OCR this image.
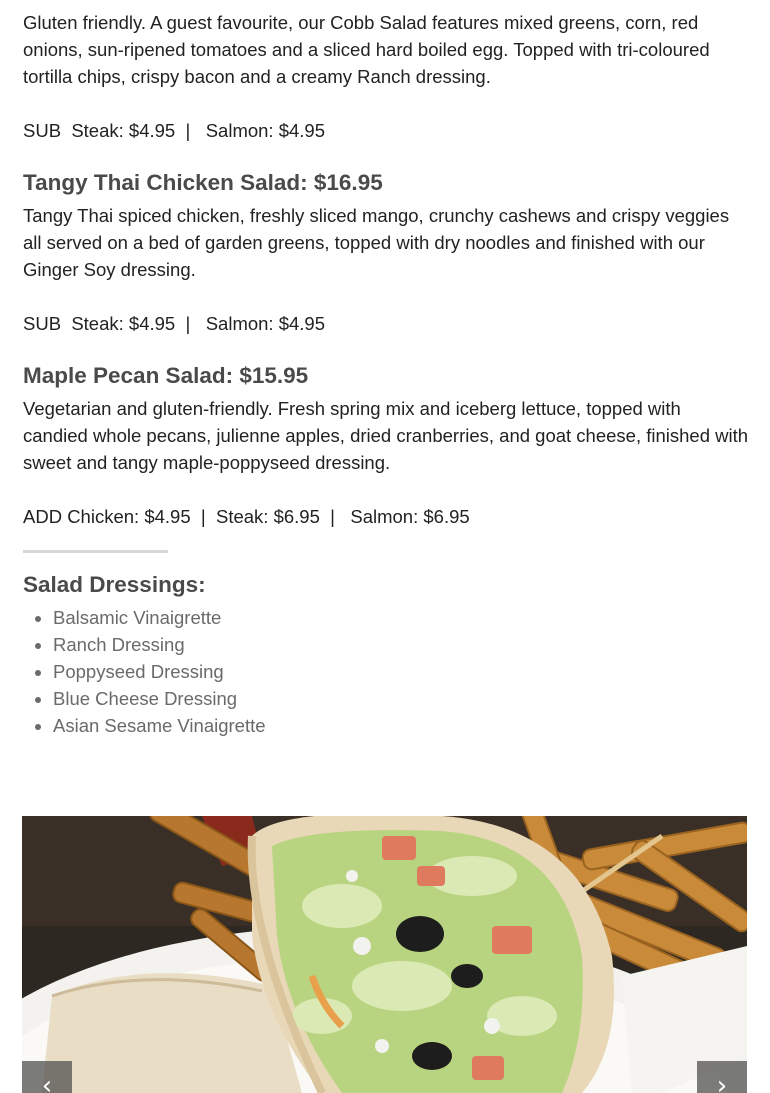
Gluten friendly. A guest favourite, our Cobb Salad features mixed greens, corn, red onions, sun-ripened tomatoes and a sliced hard boiled egg. Topped with tri-coloured tortilla chips, crispy bacon and a creamy Ranch dressing.

SUB  Steak: $4.95  |   Salmon: $4.95

Tangy Thai Chicken Salad: $16.95

Tangy Thai spiced chicken, freshly sliced mango, crunchy cashews and crispy veggies all served on a bed of garden greens, topped with dry noodles and finished with our Ginger Soy dressing.

SUB  Steak: $4.95  |   Salmon: $4.95

Maple Pecan Salad: $15.95

Vegetarian and gluten-friendly. Fresh spring mix and iceberg lettuce, topped with candied whole pecans, julienne apples, dried cranberries, and goat cheese, finished with sweet and tangy maple-poppyseed dressing.

ADD Chicken: $4.95  |  Steak: $6.95  |   Salmon: $6.95

Salad Dressings:
• Balsamic Vinaigrette
• Ranch Dressing
• Poppyseed Dressing
• Blue Cheese Dressing
• Asian Sesame Vinaigrette
‹	›
